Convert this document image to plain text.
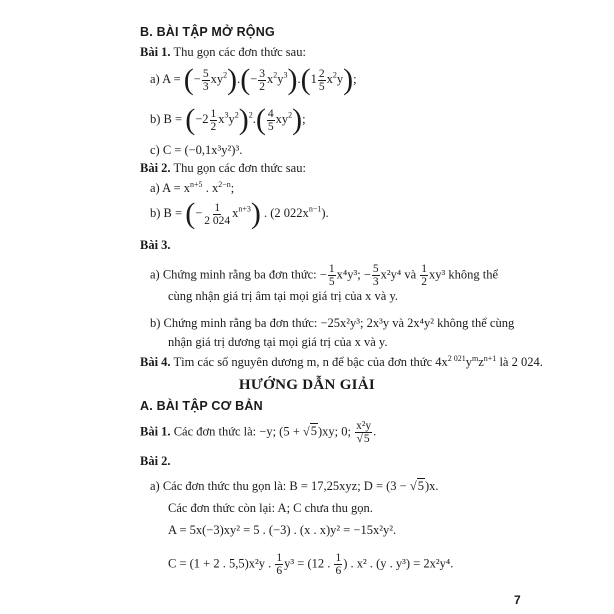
B. BÀI TẬP MỞ RỘNG
Bài 1. Thu gọn các đơn thức sau:
a) A = (− $\frac{5}{3} xy^2).(- \frac{3}{2} x^2y^3).(1 \frac{2}{5} x^2y)$;
b) $B = (-2 \frac{1}{2} x^3y^2)^2.( \frac{4}{5} xy^2)$;
c) C = (−0,1x³y²)³.
Bài 2. Thu gọn các đơn thức sau:
a) $A = x^{n+5}$ . $x^{2-n}$;
b) B = (− $\frac{1}{2 024} x^{n+3}$) . (2 $022x^{n-1}$).
Bài 3.
a) Chứng minh rằng ba đơn thức: − $\frac{1}{5} x^4y^3$; − $\frac{5}{3} x^2y^4$ và $\frac{1}{2} xy^3$ không thể
cùng nhận giá trị âm tại mọi giá trị của x và y.
b) Chứng minh rằng ba đơn thức: −25x²y³; 2x³y và 2x⁴y² không thể cùng
nhận giá trị dương tại mọi giá trị của x và y.
Bài 4. Tìm các số nguyên dương m, n để bậc của đơn thức $4x^{2 021}y^mz^{n+1}$ là 2 024.
HƯỚNG DẪN GIẢI
A. BÀI TẬP CƠ BẢN
Bài 1. Các đơn thức là: −y; (5 + √5)xy; 0; $\frac{\text{x²y}}{√5}$ .
Bài 2.
a) Các đơn thức thu gọn là: B = 17,25xyz; D = (3 − √5)x.
Các đơn thức còn lại: A; C chưa thu gọn.
A = 5x(−3)xy² = 5 . (−3) . (x . x)y² = −15x²y².
C = (1 + 2 . 5,5)x²y . $\frac{1}{6} y^3 = (12$ . $\frac{1}{6}$ ) . x² . (y . y³) = 2x²y⁴.
7
